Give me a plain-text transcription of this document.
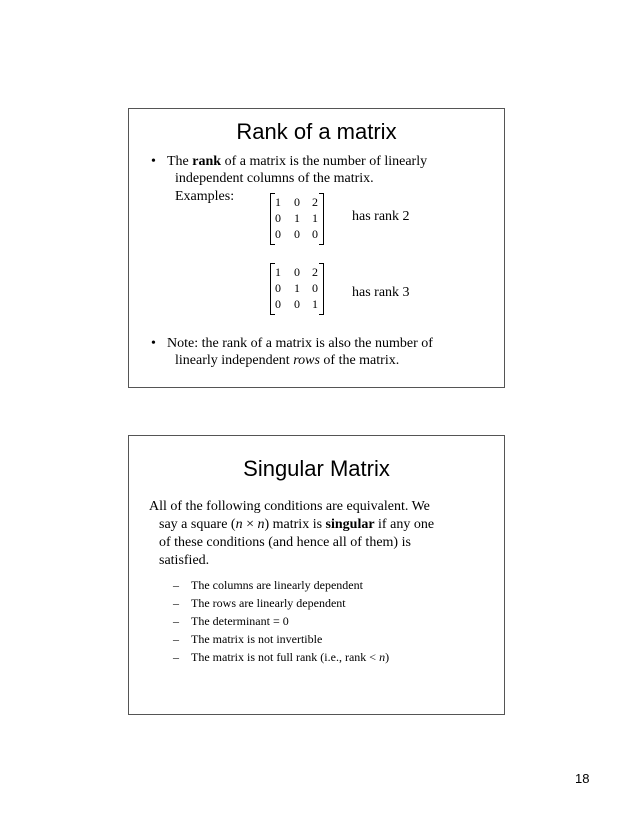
Rank of a matrix
• The rank of a matrix is the number of linearly
independent columns of the matrix.
Examples:	1 0 2
0 1 1
0 0 0
has rank 2
1 0 2
0 1 0
0 0 1
has rank 3
• Note: the rank of a matrix is also the number of
linearly independent rows of the matrix.
Singular Matrix
All of the following conditions are equivalent. We
say a square (n × n) matrix is singular if any one
of these conditions (and hence all of them) is
satisfied.
– The columns are linearly dependent
– The rows are linearly dependent
– The determinant = 0
– The matrix is not invertible
– The matrix is not full rank (i.e., rank < n)
18
